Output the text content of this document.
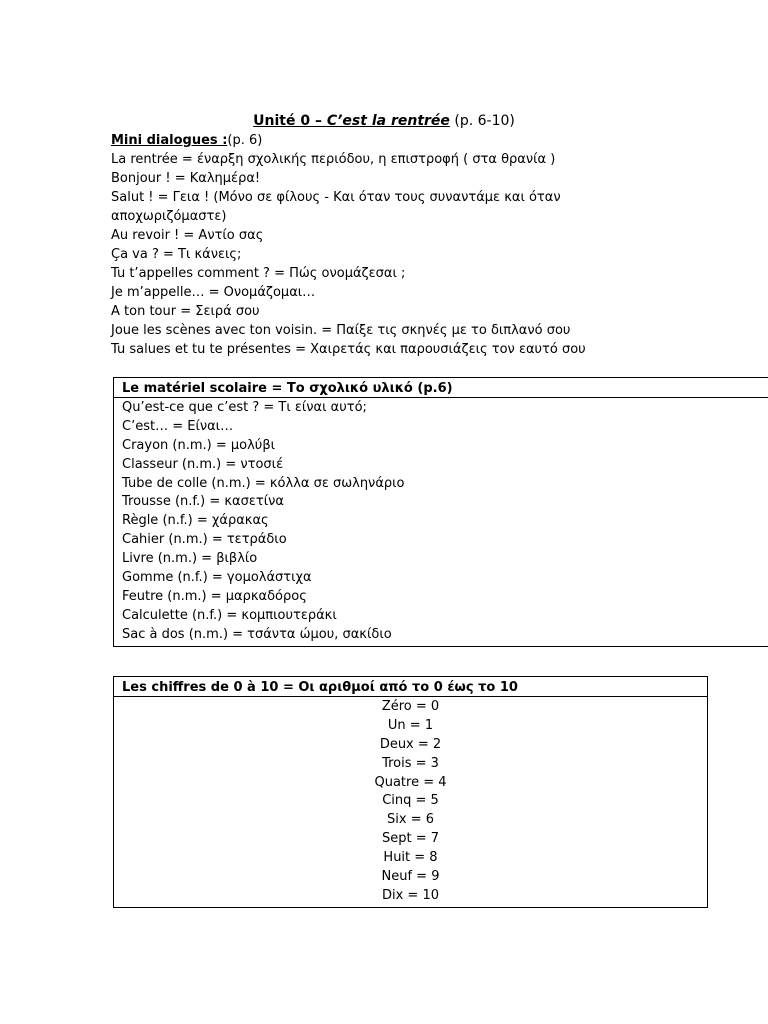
Unité 0 – C’est la rentrée (p. 6-10)
Mini dialogues :(p. 6)
La rentrée = έναρξη σχολικής περιόδου, η επιστροφή ( στα θρανία )
Bonjour ! = Καλημέρα!
Salut ! = Γεια ! (Μόνο σε φίλους - Και όταν τους συναντάμε και όταν
αποχωριζόμαστε)
Au revoir ! = Αντίο σας
Ça va ? = Τι κάνεις;
Tu t’appelles comment ? = Πώς ονομάζεσαι ;
Je m’appelle… = Ονομάζομαι…
A ton tour = Σειρά σου
Joue les scènes avec ton voisin. = Παίξε τις σκηνές με το διπλανό σου
Tu salues et tu te présentes = Χαιρετάς και παρουσιάζεις τον εαυτό σου
Le matériel scolaire = Το σχολικό υλικό (p.6)
Qu’est-ce que c’est ? = Τι είναι αυτό;
C’est… = Είναι…
Crayon (n.m.) = μολύβι
Classeur (n.m.) = ντοσιέ
Tube de colle (n.m.) = κόλλα σε σωληνάριο
Trousse (n.f.) = κασετίνα
Règle (n.f.) = χάρακας
Cahier (n.m.) = τετράδιο
Livre (n.m.) = βιβλίο
Gomme (n.f.) = γομολάστιχα
Feutre (n.m.) = μαρκαδόρος
Calculette (n.f.) = κομπιουτεράκι
Sac à dos (n.m.) = τσάντα ώμου, σακίδιο
Les chiffres de 0 à 10 = Οι αριθμοί από το 0 έως το 10
Zéro = 0
Un = 1
Deux = 2
Trois = 3
Quatre = 4
Cinq = 5
Six = 6
Sept = 7
Huit = 8
Neuf = 9
Dix = 10
